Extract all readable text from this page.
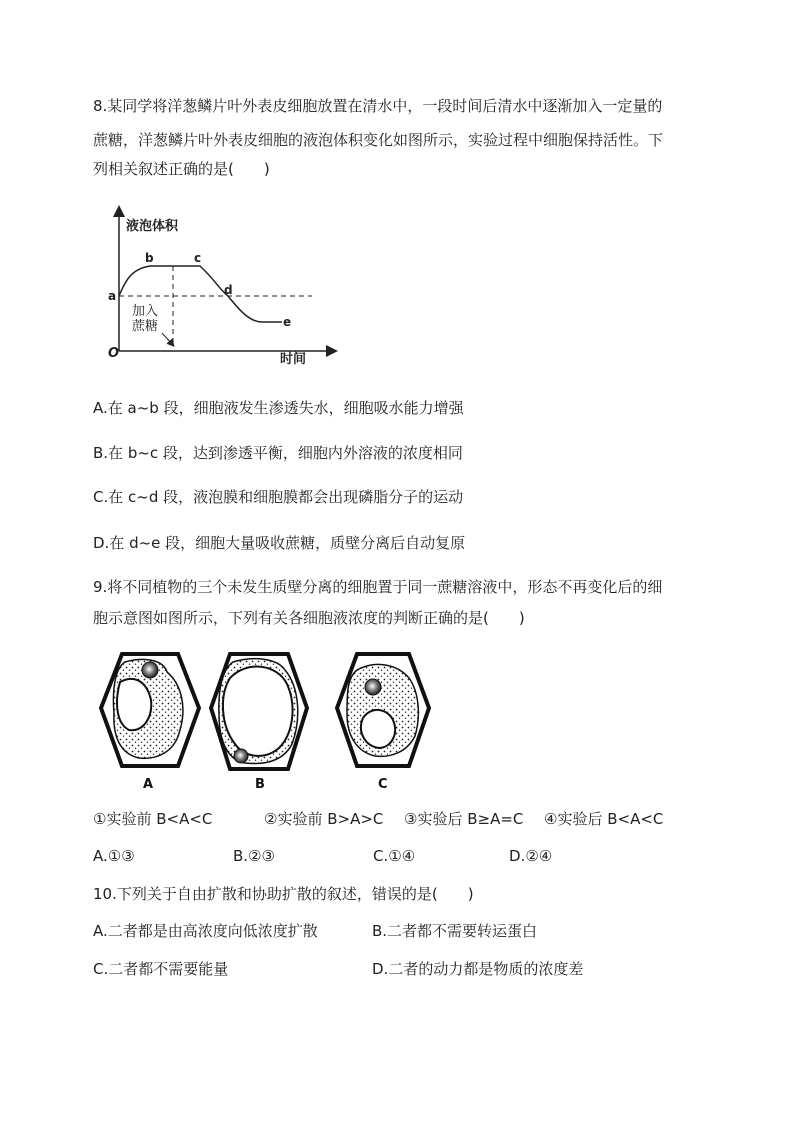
8.某同学将洋葱鳞片叶外表皮细胞放置在清水中，一段时间后清水中逐渐加入一定量的
蔗糖，洋葱鳞片叶外表皮细胞的液泡体积变化如图所示，实验过程中细胞保持活性。下
列相关叙述正确的是(　　)
液泡体积
时间
O
a
b	c
d
e
加入
蔗糖
A.在 a~b 段，细胞液发生渗透失水，细胞吸水能力增强
B.在 b~c 段，达到渗透平衡，细胞内外溶液的浓度相同
C.在 c~d 段，液泡膜和细胞膜都会出现磷脂分子的运动
D.在 d~e 段，细胞大量吸收蔗糖，质壁分离后自动复原
9.将不同植物的三个未发生质壁分离的细胞置于同一蔗糖溶液中，形态不再变化后的细
胞示意图如图所示，下列有关各细胞液浓度的判断正确的是(　　)
A	B	C
①实验前 B<A<C	②实验前 B>A>C ③实验后 B≥A=C ④实验后 B<A<C
A.①③	B.②③	C.①④	D.②④
10.下列关于自由扩散和协助扩散的叙述，错误的是(　　)
A.二者都是由高浓度向低浓度扩散	B.二者都不需要转运蛋白
C.二者都不需要能量	D.二者的动力都是物质的浓度差
